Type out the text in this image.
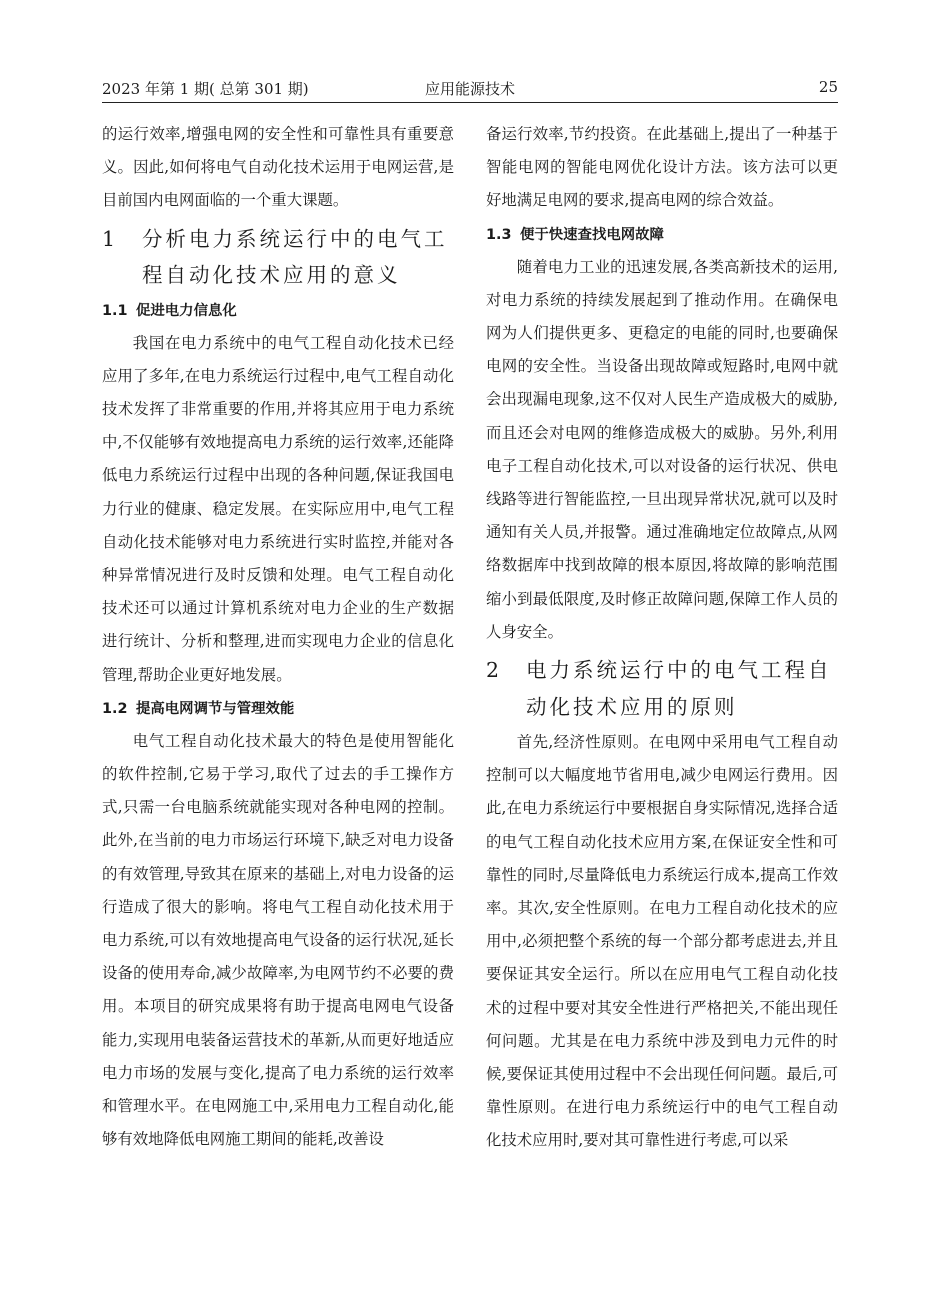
2023 年第 1 期( 总第 301 期)	应用能源技术	25

的运行效率,增强电网的安全性和可靠性具有重要意义。因此,如何将电气自动化技术运用于电网运营,是目前国内电网面临的一个重大课题。

1 分析电力系统运行中的电气工程自动化技术应用的意义
1.1 促进电力信息化

我国在电力系统中的电气工程自动化技术已经应用了多年,在电力系统运行过程中,电气工程自动化技术发挥了非常重要的作用,并将其应用于电力系统中,不仅能够有效地提高电力系统的运行效率,还能降低电力系统运行过程中出现的各种问题,保证我国电力行业的健康、稳定发展。在实际应用中,电气工程自动化技术能够对电力系统进行实时监控,并能对各种异常情况进行及时反馈和处理。电气工程自动化技术还可以通过计算机系统对电力企业的生产数据进行统计、分析和整理,进而实现电力企业的信息化管理,帮助企业更好地发展。

1.2 提高电网调节与管理效能

电气工程自动化技术最大的特色是使用智能化的软件控制,它易于学习,取代了过去的手工操作方式,只需一台电脑系统就能实现对各种电网的控制。此外,在当前的电力市场运行环境下,缺乏对电力设备的有效管理,导致其在原来的基础上,对电力设备的运行造成了很大的影响。将电气工程自动化技术用于电力系统,可以有效地提高电气设备的运行状况,延长设备的使用寿命,减少故障率,为电网节约不必要的费用。本项目的研究成果将有助于提高电网电气设备能力,实现用电装备运营技术的革新,从而更好地适应电力市场的发展与变化,提高了电力系统的运行效率和管理水平。在电网施工中,采用电力工程自动化,能够有效地降低电网施工期间的能耗,改善设

备运行效率,节约投资。在此基础上,提出了一种基于智能电网的智能电网优化设计方法。该方法可以更好地满足电网的要求,提高电网的综合效益。

1.3 便于快速查找电网故障

随着电力工业的迅速发展,各类高新技术的运用,对电力系统的持续发展起到了推动作用。在确保电网为人们提供更多、更稳定的电能的同时,也要确保电网的安全性。当设备出现故障或短路时,电网中就会出现漏电现象,这不仅对人民生产造成极大的威胁,而且还会对电网的维修造成极大的威胁。另外,利用电子工程自动化技术,可以对设备的运行状况、供电线路等进行智能监控,一旦出现异常状况,就可以及时通知有关人员,并报警。通过准确地定位故障点,从网络数据库中找到故障的根本原因,将故障的影响范围缩小到最低限度,及时修正故障问题,保障工作人员的人身安全。

2 电力系统运行中的电气工程自动化技术应用的原则

首先,经济性原则。在电网中采用电气工程自动控制可以大幅度地节省用电,减少电网运行费用。因此,在电力系统运行中要根据自身实际情况,选择合适的电气工程自动化技术应用方案,在保证安全性和可靠性的同时,尽量降低电力系统运行成本,提高工作效率。其次,安全性原则。在电力工程自动化技术的应用中,必须把整个系统的每一个部分都考虑进去,并且要保证其安全运行。所以在应用电气工程自动化技术的过程中要对其安全性进行严格把关,不能出现任何问题。尤其是在电力系统中涉及到电力元件的时候,要保证其使用过程中不会出现任何问题。最后,可靠性原则。在进行电力系统运行中的电气工程自动化技术应用时,要对其可靠性进行考虑,可以采
